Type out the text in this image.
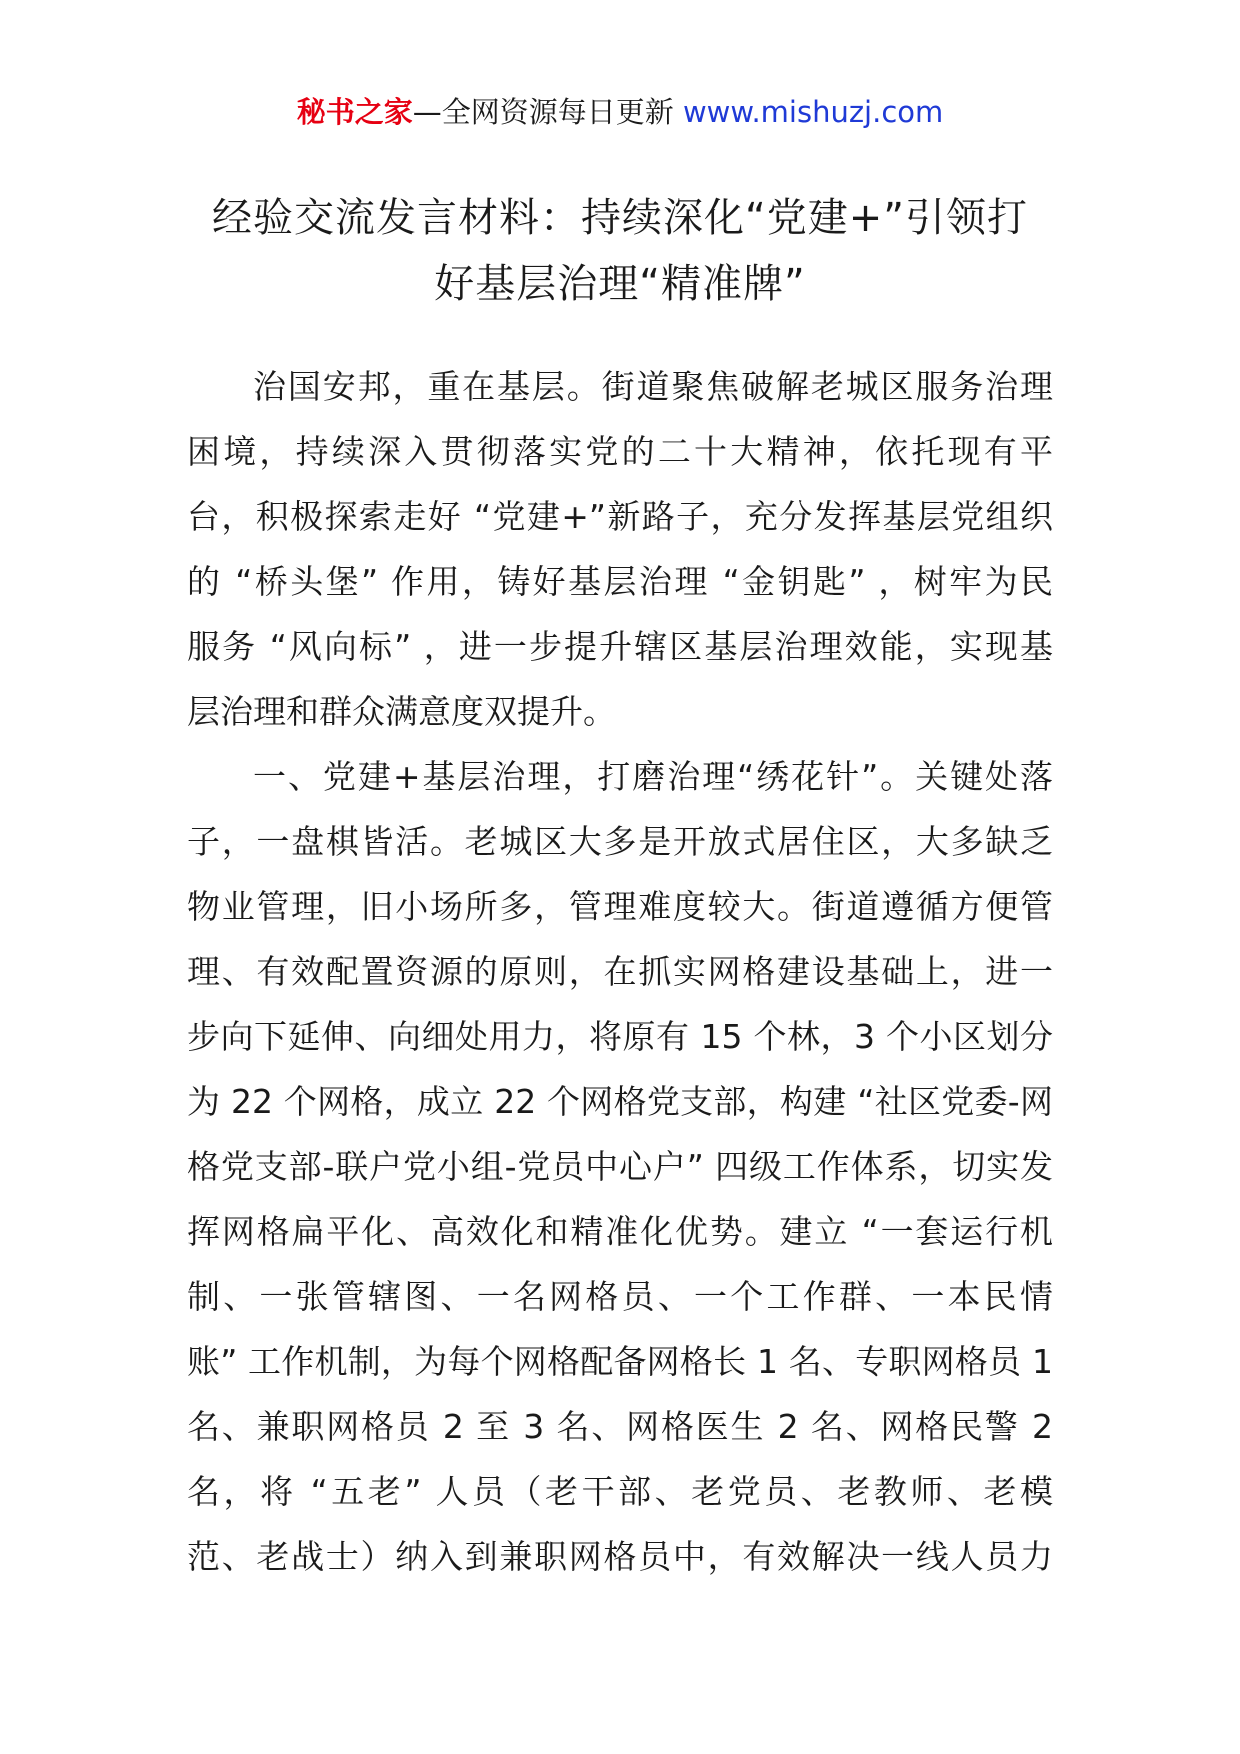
秘书之家—全网资源每日更新 www.mishuzj.com
经验交流发言材料：持续深化“党建+”引领打
好基层治理“精准牌”

治国安邦，重在基层。街道聚焦破解老城区服务治理
困境，持续深入贯彻落实党的二十大精神，依托现有平
台，积极探索走好 “党建+”新路子，充分发挥基层党组织
的 “桥头堡” 作用，铸好基层治理 “金钥匙” ，树牢为民
服务 “风向标” ，进一步提升辖区基层治理效能，实现基
层治理和群众满意度双提升。

一、党建+基层治理，打磨治理“绣花针”。关键处落
子，一盘棋皆活。老城区大多是开放式居住区，大多缺乏
物业管理，旧小场所多，管理难度较大。街道遵循方便管
理、有效配置资源的原则，在抓实网格建设基础上，进一
步向下延伸、向细处用力，将原有 15 个林，3 个小区划分
为 22 个网格，成立 22 个网格党支部，构建 “社区党委-网
格党支部-联户党小组-党员中心户” 四级工作体系，切实发
挥网格扁平化、高效化和精准化优势。建立 “一套运行机
制、一张管辖图、一名网格员、一个工作群、一本民情
账” 工作机制，为每个网格配备网格长 1 名、专职网格员 1
名、兼职网格员 2 至 3 名、网格医生 2 名、网格民警 2
名，将 “五老” 人员（老干部、老党员、老教师、老模
范、老战士）纳入到兼职网格员中，有效解决一线人员力
